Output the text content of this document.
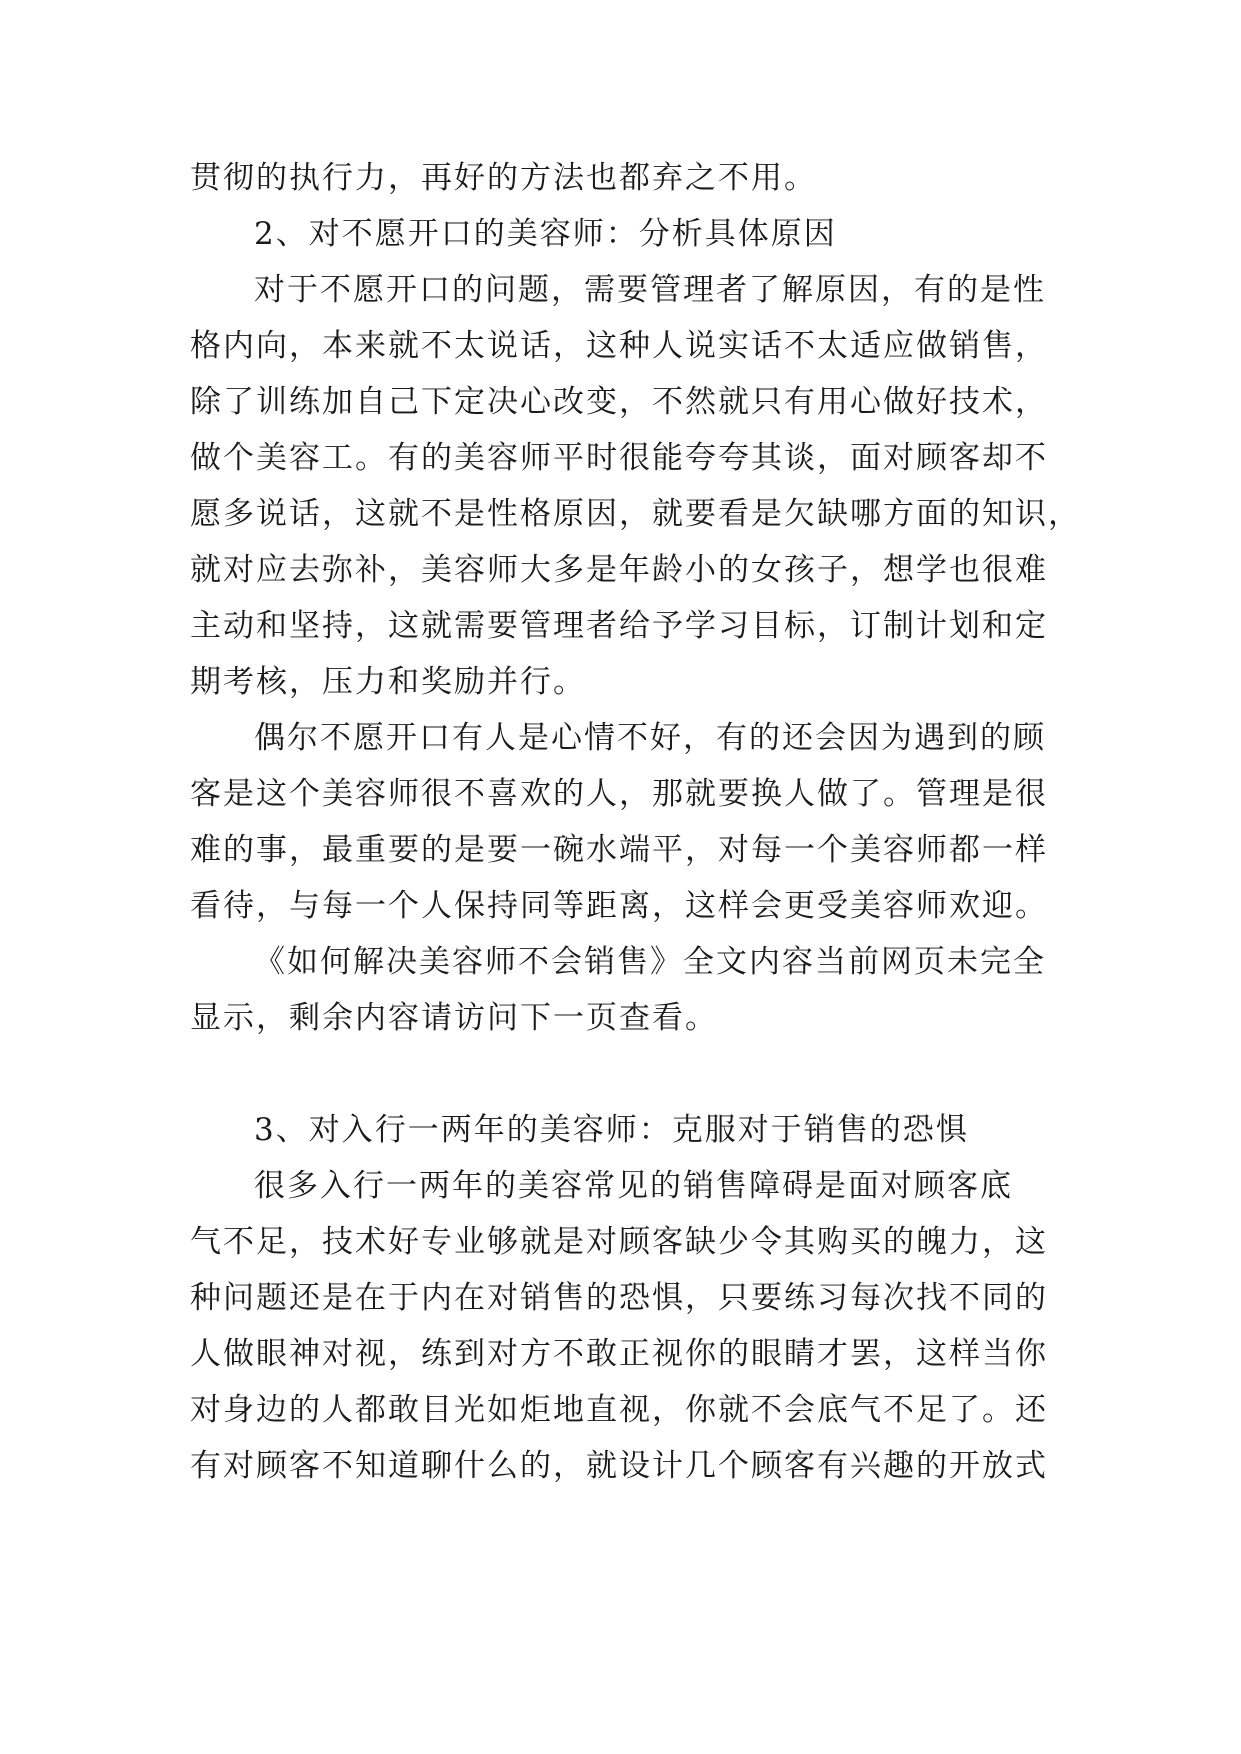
贯彻的执行力，再好的方法也都弃之不用。
2、对不愿开口的美容师：分析具体原因
对于不愿开口的问题，需要管理者了解原因，有的是性
格内向，本来就不太说话，这种人说实话不太适应做销售，
除了训练加自己下定决心改变，不然就只有用心做好技术，
做个美容工。有的美容师平时很能夸夸其谈，面对顾客却不
愿多说话，这就不是性格原因，就要看是欠缺哪方面的知识，
就对应去弥补，美容师大多是年龄小的女孩子，想学也很难
主动和坚持，这就需要管理者给予学习目标，订制计划和定
期考核，压力和奖励并行。
偶尔不愿开口有人是心情不好，有的还会因为遇到的顾
客是这个美容师很不喜欢的人，那就要换人做了。管理是很
难的事，最重要的是要一碗水端平，对每一个美容师都一样
看待，与每一个人保持同等距离，这样会更受美容师欢迎。
《如何解决美容师不会销售》全文内容当前网页未完全
显示，剩余内容请访问下一页查看。
3、对入行一两年的美容师：克服对于销售的恐惧
很多入行一两年的美容常见的销售障碍是面对顾客底
气不足，技术好专业够就是对顾客缺少令其购买的魄力，这
种问题还是在于内在对销售的恐惧，只要练习每次找不同的
人做眼神对视，练到对方不敢正视你的眼睛才罢，这样当你
对身边的人都敢目光如炬地直视，你就不会底气不足了。还
有对顾客不知道聊什么的，就设计几个顾客有兴趣的开放式
